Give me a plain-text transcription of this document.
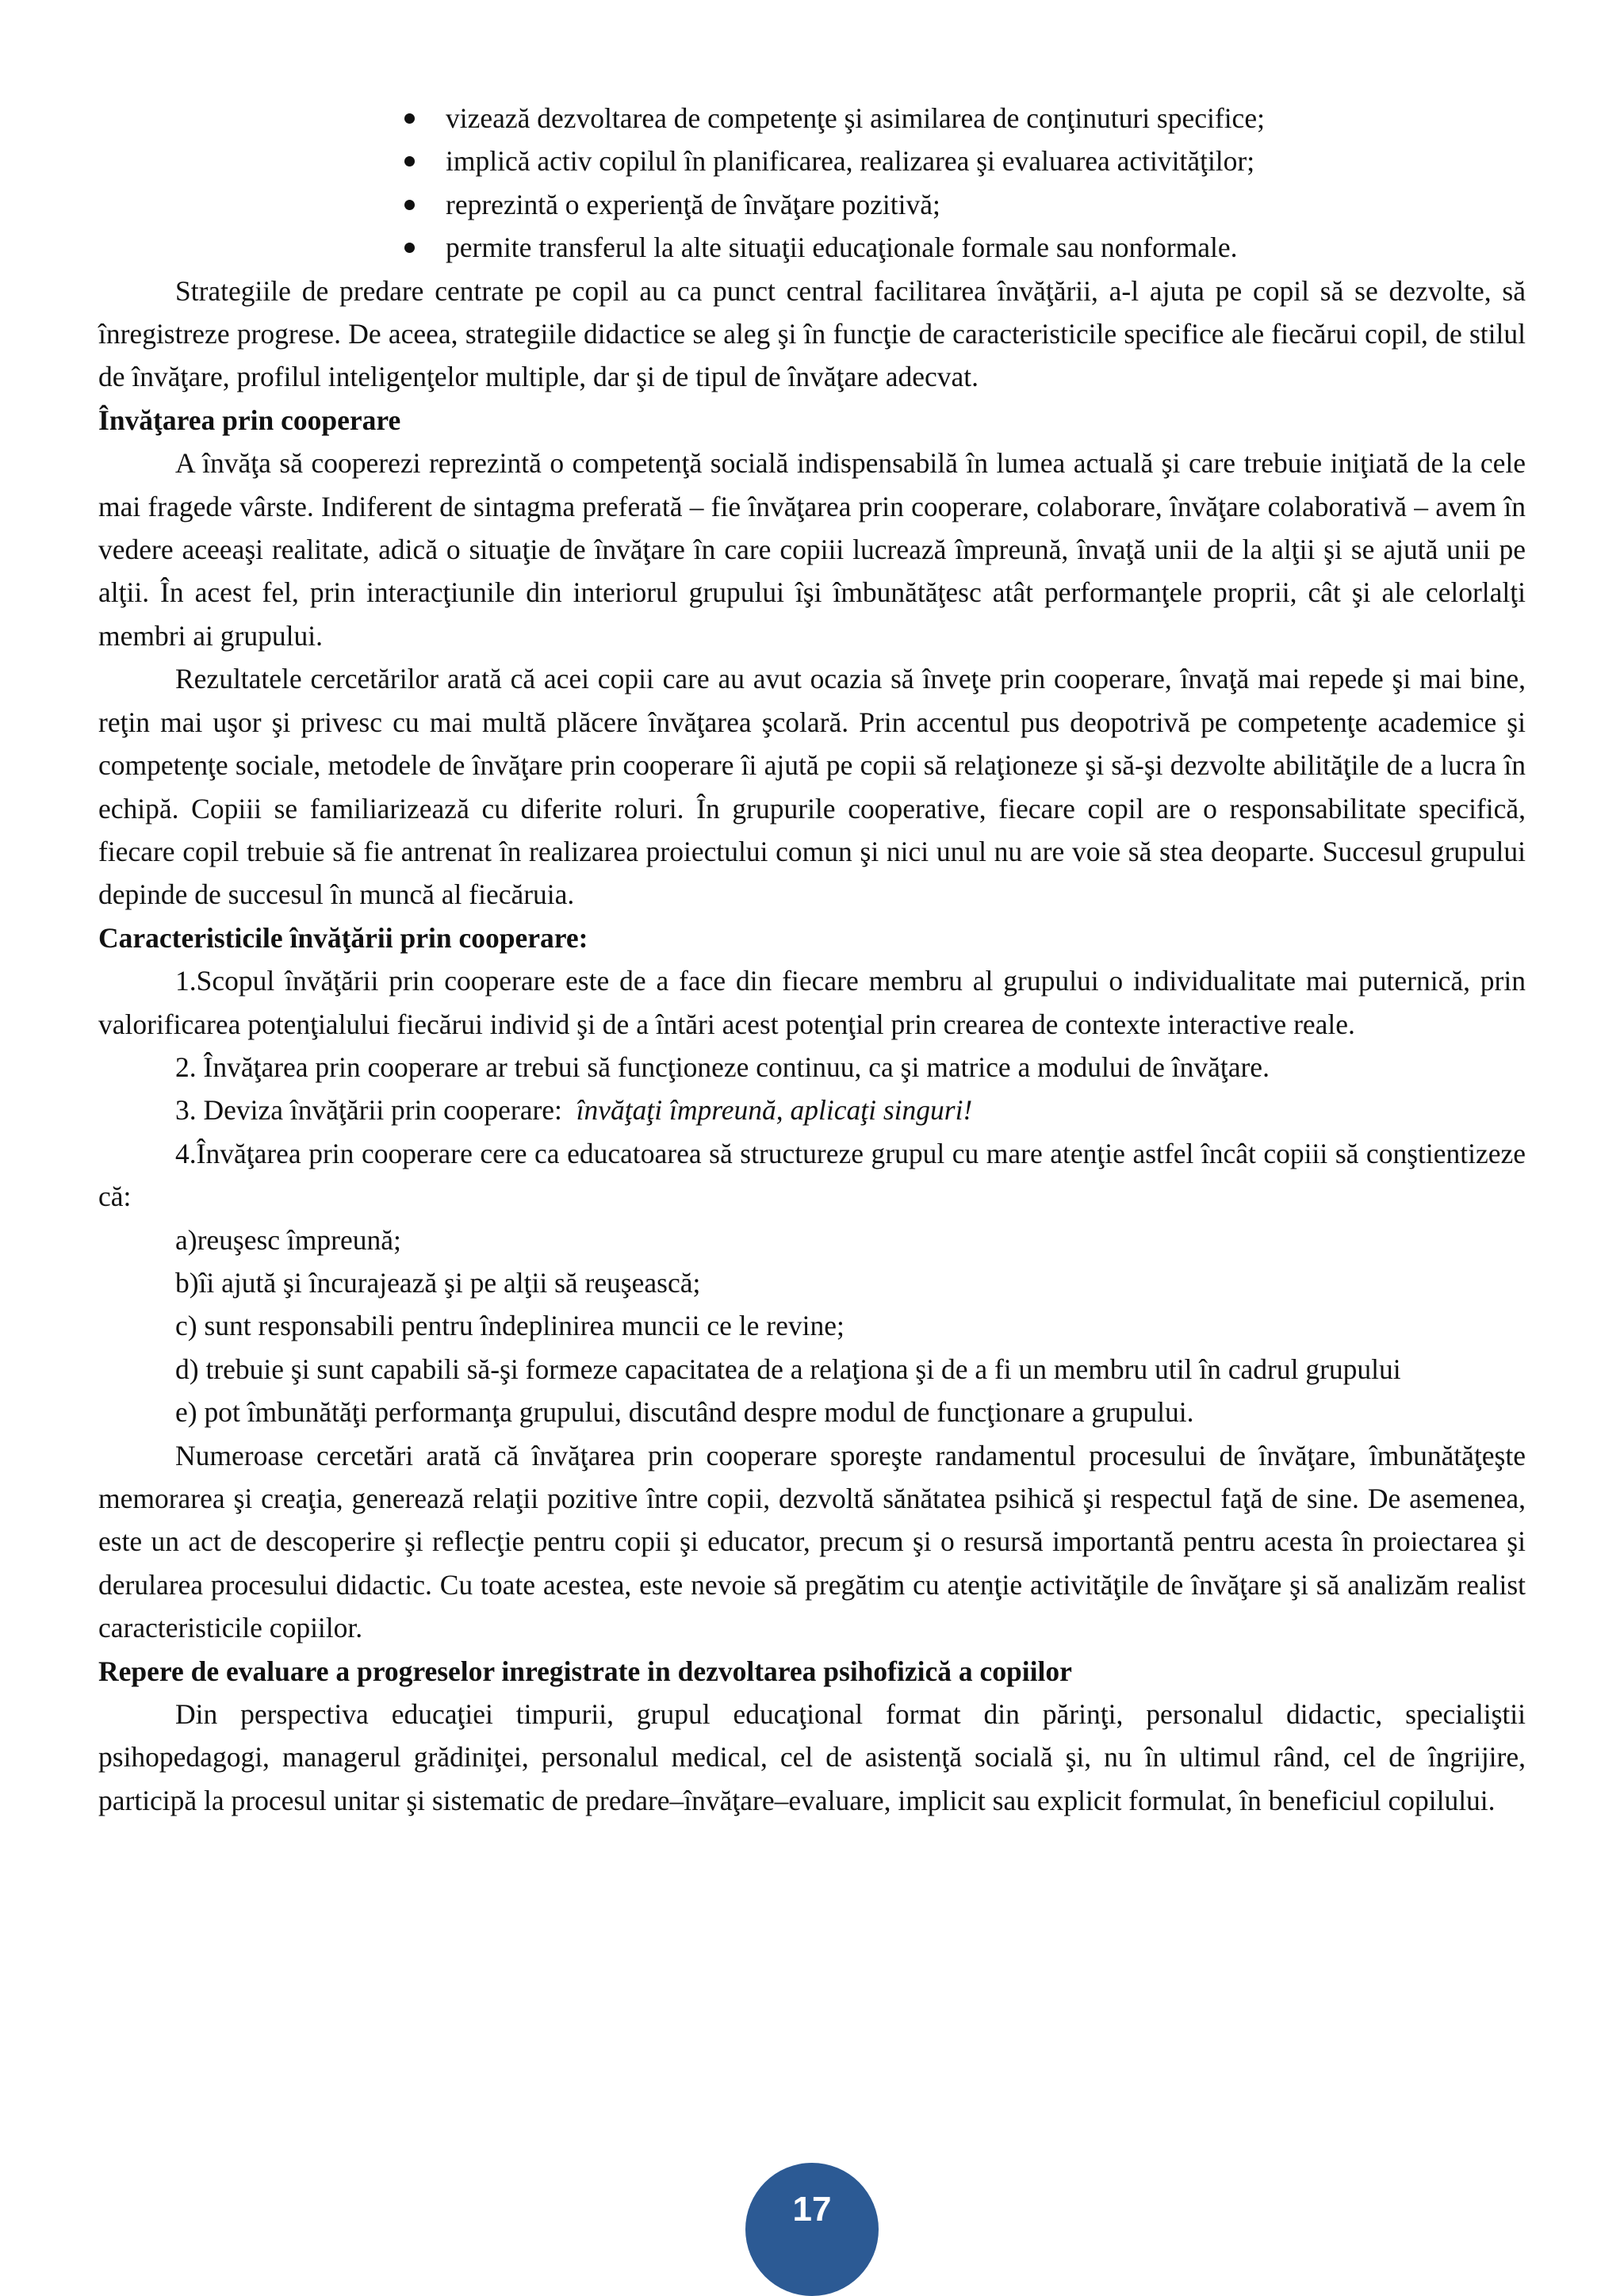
vizează dezvoltarea de competenţe şi asimilarea de conţinuturi specifice;
implică activ copilul în planificarea, realizarea şi evaluarea activităţilor;
reprezintă o experienţă de învăţare pozitivă;
permite transferul la alte situaţii educaţionale formale sau nonformale.

Strategiile de predare centrate pe copil au ca punct central facilitarea învăţării, a-l ajuta pe copil să se dezvolte, să înregistreze progrese. De aceea, strategiile didactice se aleg şi în funcţie de caracteristicile specifice ale fiecărui copil, de stilul de învăţare, profilul inteligenţelor multiple, dar şi de tipul de învăţare adecvat.

Învăţarea prin cooperare

A învăţa să cooperezi reprezintă o competenţă socială indispensabilă în lumea actuală şi care trebuie iniţiată de la cele mai fragede vârste. Indiferent de sintagma preferată – fie învăţarea prin cooperare, colaborare, învăţare colaborativă – avem în vedere aceeaşi realitate, adică o situaţie de învăţare în care copiii lucrează împreună, învaţă unii de la alţii şi se ajută unii pe alţii. În acest fel, prin interacţiunile din interiorul grupului îşi îmbunătăţesc atât performanţele proprii, cât şi ale celorlalţi membri ai grupului.

Rezultatele cercetărilor arată că acei copii care au avut ocazia să înveţe prin cooperare, învaţă mai repede şi mai bine, reţin mai uşor şi privesc cu mai multă plăcere învăţarea şcolară. Prin accentul pus deopotrivă pe competenţe academice şi competenţe sociale, metodele de învăţare prin cooperare îi ajută pe copii să relaţioneze şi să-şi dezvolte abilităţile de a lucra în echipă. Copiii se familiarizează cu diferite roluri. În grupurile cooperative, fiecare copil are o responsabilitate specifică, fiecare copil trebuie să fie antrenat în realizarea proiectului comun şi nici unul nu are voie să stea deoparte. Succesul grupului depinde de succesul în muncă al fiecăruia.

Caracteristicile învăţării prin cooperare:

1.Scopul învăţării prin cooperare este de a face din fiecare membru al grupului o individualitate mai puternică, prin valorificarea potenţialului fiecărui individ şi de a întări acest potenţial prin crearea de contexte interactive reale.

2. Învăţarea prin cooperare ar trebui să funcţioneze continuu, ca şi matrice a modului de învăţare.

3. Deviza învăţării prin cooperare:  învăţaţi împreună, aplicaţi singuri!

4.Învăţarea prin cooperare cere ca educatoarea să structureze grupul cu mare atenţie astfel încât copiii să conştientizeze că:

a)reuşesc împreună;

b)îi ajută şi încurajează şi pe alţii să reuşească;

c) sunt responsabili pentru îndeplinirea muncii ce le revine;

d) trebuie şi sunt capabili să-şi formeze capacitatea de a relaţiona şi de a fi un membru util în cadrul grupului

e) pot îmbunătăţi performanţa grupului, discutând despre modul de funcţionare a grupului.

Numeroase cercetări arată că învăţarea prin cooperare sporeşte randamentul procesului de învăţare, îmbunătăţeşte memorarea şi creaţia, generează relaţii pozitive între copii, dezvoltă sănătatea psihică şi respectul faţă de sine. De asemenea, este un act de descoperire şi reflecţie pentru copii şi educator, precum şi o resursă importantă pentru acesta în proiectarea şi derularea procesului didactic. Cu toate acestea, este nevoie să pregătim cu atenţie activităţile de învăţare şi să analizăm realist caracteristicile copiilor.

Repere de evaluare a progreselor inregistrate in dezvoltarea psihofizică a copiilor

Din perspectiva educaţiei timpurii, grupul educaţional format din părinţi, personalul didactic, specialiştii psihopedagogi, managerul grădiniţei, personalul medical, cel de asistenţă socială şi, nu în ultimul rând, cel de îngrijire, participă la procesul unitar şi sistematic de predare–învăţare–evaluare, implicit sau explicit formulat, în beneficiul copilului.

17
